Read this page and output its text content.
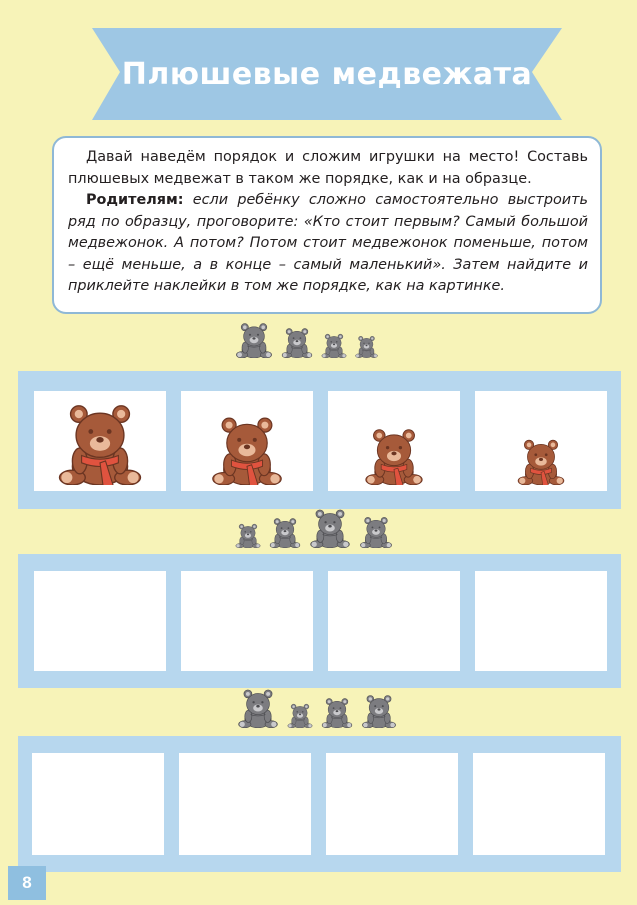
Плюшевые медвежата

Давай наведём порядок и сложим игрушки на место! Составь плюшевых медвежат в таком же порядке, как и на образце.

Родителям: если ребёнку сложно самостоятельно выстроить ряд по образцу, проговорите: «Кто стоит первым? Самый большой медвежонок. А потом? Потом стоит медвежонок поменьше, потом – ещё меньше, а в конце – самый маленький». Затем найдите и приклейте наклейки в том же порядке, как на картинке.

8
